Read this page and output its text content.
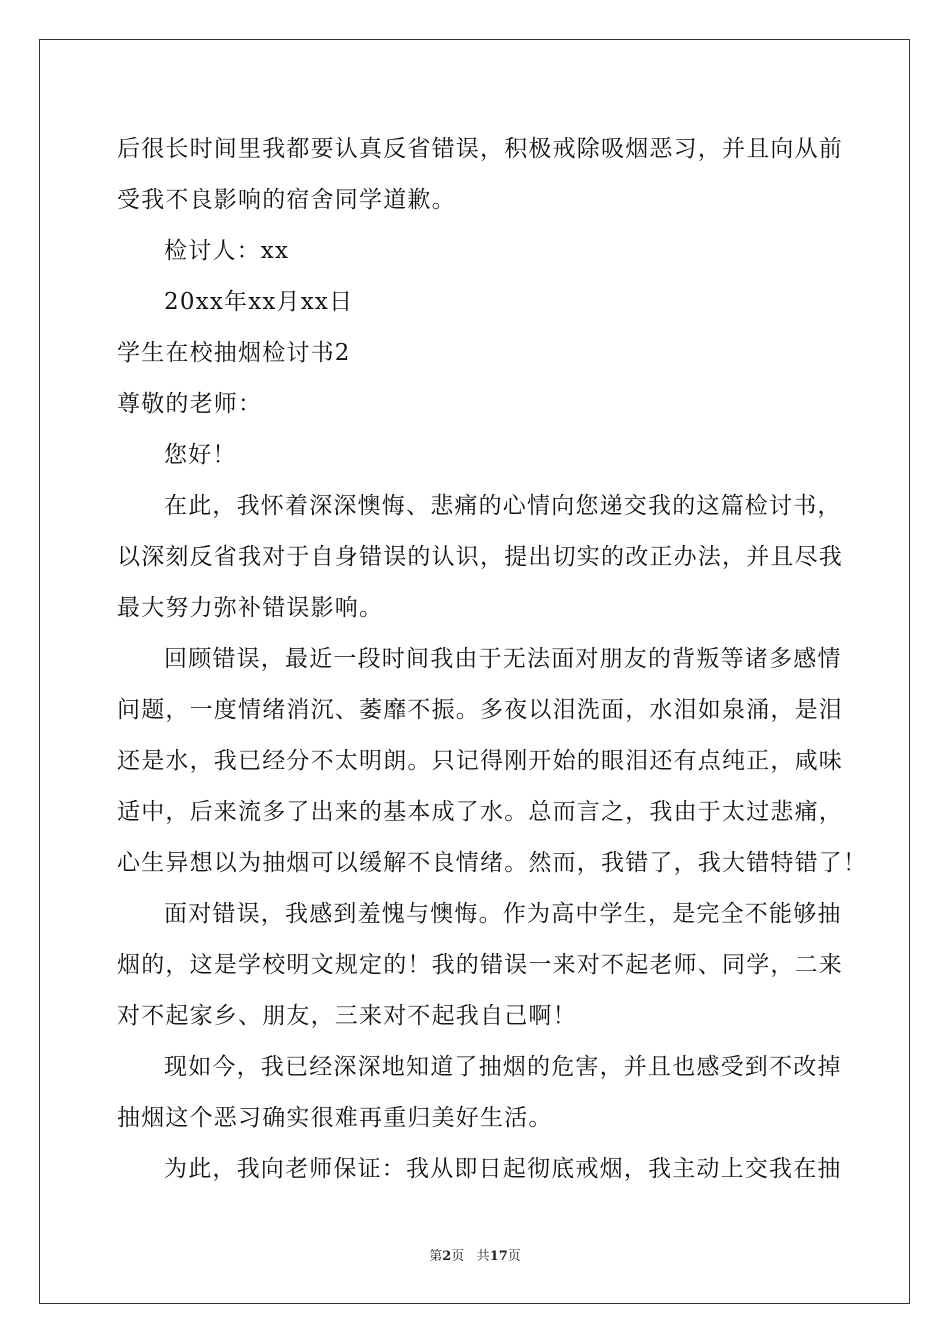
后很长时间里我都要认真反省错误，积极戒除吸烟恶习，并且向从前
受我不良影响的宿舍同学道歉。
检讨人：xx
20xx年xx月xx日
学生在校抽烟检讨书2
尊敬的老师：
您好！
在此，我怀着深深懊悔、悲痛的心情向您递交我的这篇检讨书，
以深刻反省我对于自身错误的认识，提出切实的改正办法，并且尽我
最大努力弥补错误影响。
回顾错误，最近一段时间我由于无法面对朋友的背叛等诸多感情
问题，一度情绪消沉、萎靡不振。多夜以泪洗面，水泪如泉涌，是泪
还是水，我已经分不太明朗。只记得刚开始的眼泪还有点纯正，咸味
适中，后来流多了出来的基本成了水。总而言之，我由于太过悲痛，
心生异想以为抽烟可以缓解不良情绪。然而，我错了，我大错特错了！
面对错误，我感到羞愧与懊悔。作为高中学生，是完全不能够抽
烟的，这是学校明文规定的！我的错误一来对不起老师、同学，二来
对不起家乡、朋友，三来对不起我自己啊！
现如今，我已经深深地知道了抽烟的危害，并且也感受到不改掉
抽烟这个恶习确实很难再重归美好生活。
为此，我向老师保证：我从即日起彻底戒烟，我主动上交我在抽
第2页 共17页
